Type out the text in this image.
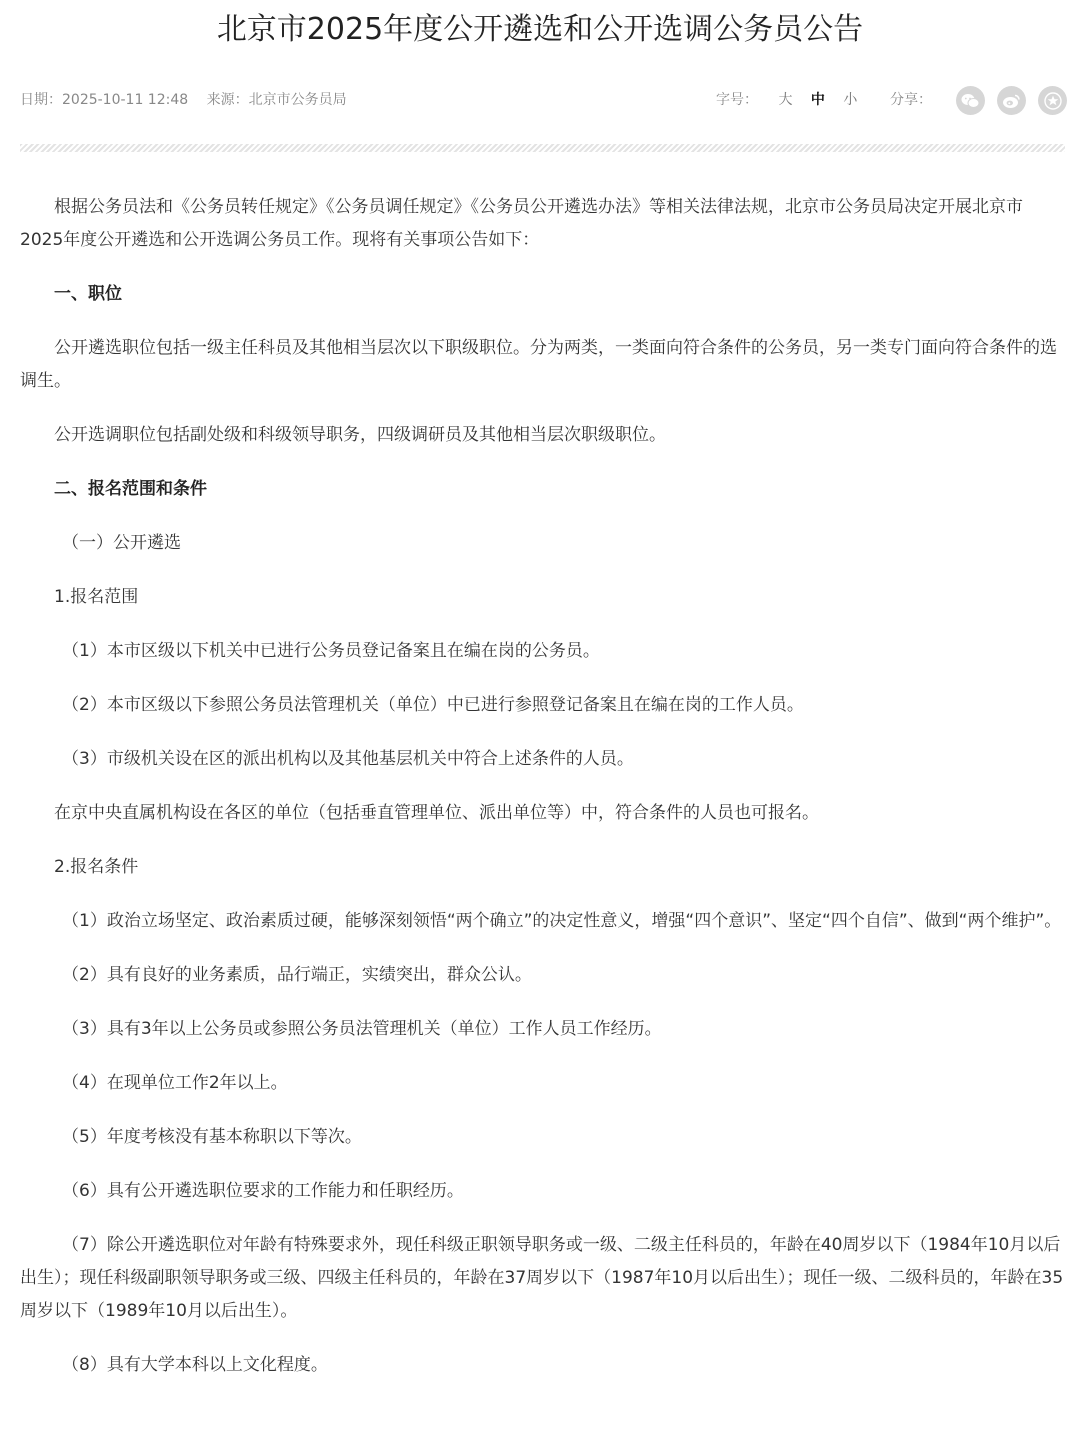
北京市2025年度公开遴选和公开选调公务员公告
日期：2025-10-11 12:48 来源：北京市公务员局	字号： 大 中 小	分享：

根据公务员法和《公务员转任规定》《公务员调任规定》《公务员公开遴选办法》等相关法律法规，北京市公务员局决定开展北京市2025年度公开遴选和公开选调公务员工作。现将有关事项公告如下：

一、职位

公开遴选职位包括一级主任科员及其他相当层次以下职级职位。分为两类，一类面向符合条件的公务员，另一类专门面向符合条件的选调生。

公开选调职位包括副处级和科级领导职务，四级调研员及其他相当层次职级职位。

二、报名范围和条件

（一）公开遴选

1.报名范围

（1）本市区级以下机关中已进行公务员登记备案且在编在岗的公务员。

（2）本市区级以下参照公务员法管理机关（单位）中已进行参照登记备案且在编在岗的工作人员。

（3）市级机关设在区的派出机构以及其他基层机关中符合上述条件的人员。

在京中央直属机构设在各区的单位（包括垂直管理单位、派出单位等）中，符合条件的人员也可报名。

2.报名条件

（1）政治立场坚定、政治素质过硬，能够深刻领悟“两个确立”的决定性意义，增强“四个意识”、坚定“四个自信”、做到“两个维护”。

（2）具有良好的业务素质，品行端正，实绩突出，群众公认。

（3）具有3年以上公务员或参照公务员法管理机关（单位）工作人员工作经历。

（4）在现单位工作2年以上。

（5）年度考核没有基本称职以下等次。

（6）具有公开遴选职位要求的工作能力和任职经历。

（7）除公开遴选职位对年龄有特殊要求外，现任科级正职领导职务或一级、二级主任科员的，年龄在40周岁以下（1984年10月以后出生）；现任科级副职领导职务或三级、四级主任科员的，年龄在37周岁以下（1987年10月以后出生）；现任一级、二级科员的，年龄在35周岁以下（1989年10月以后出生）。

（8）具有大学本科以上文化程度。
